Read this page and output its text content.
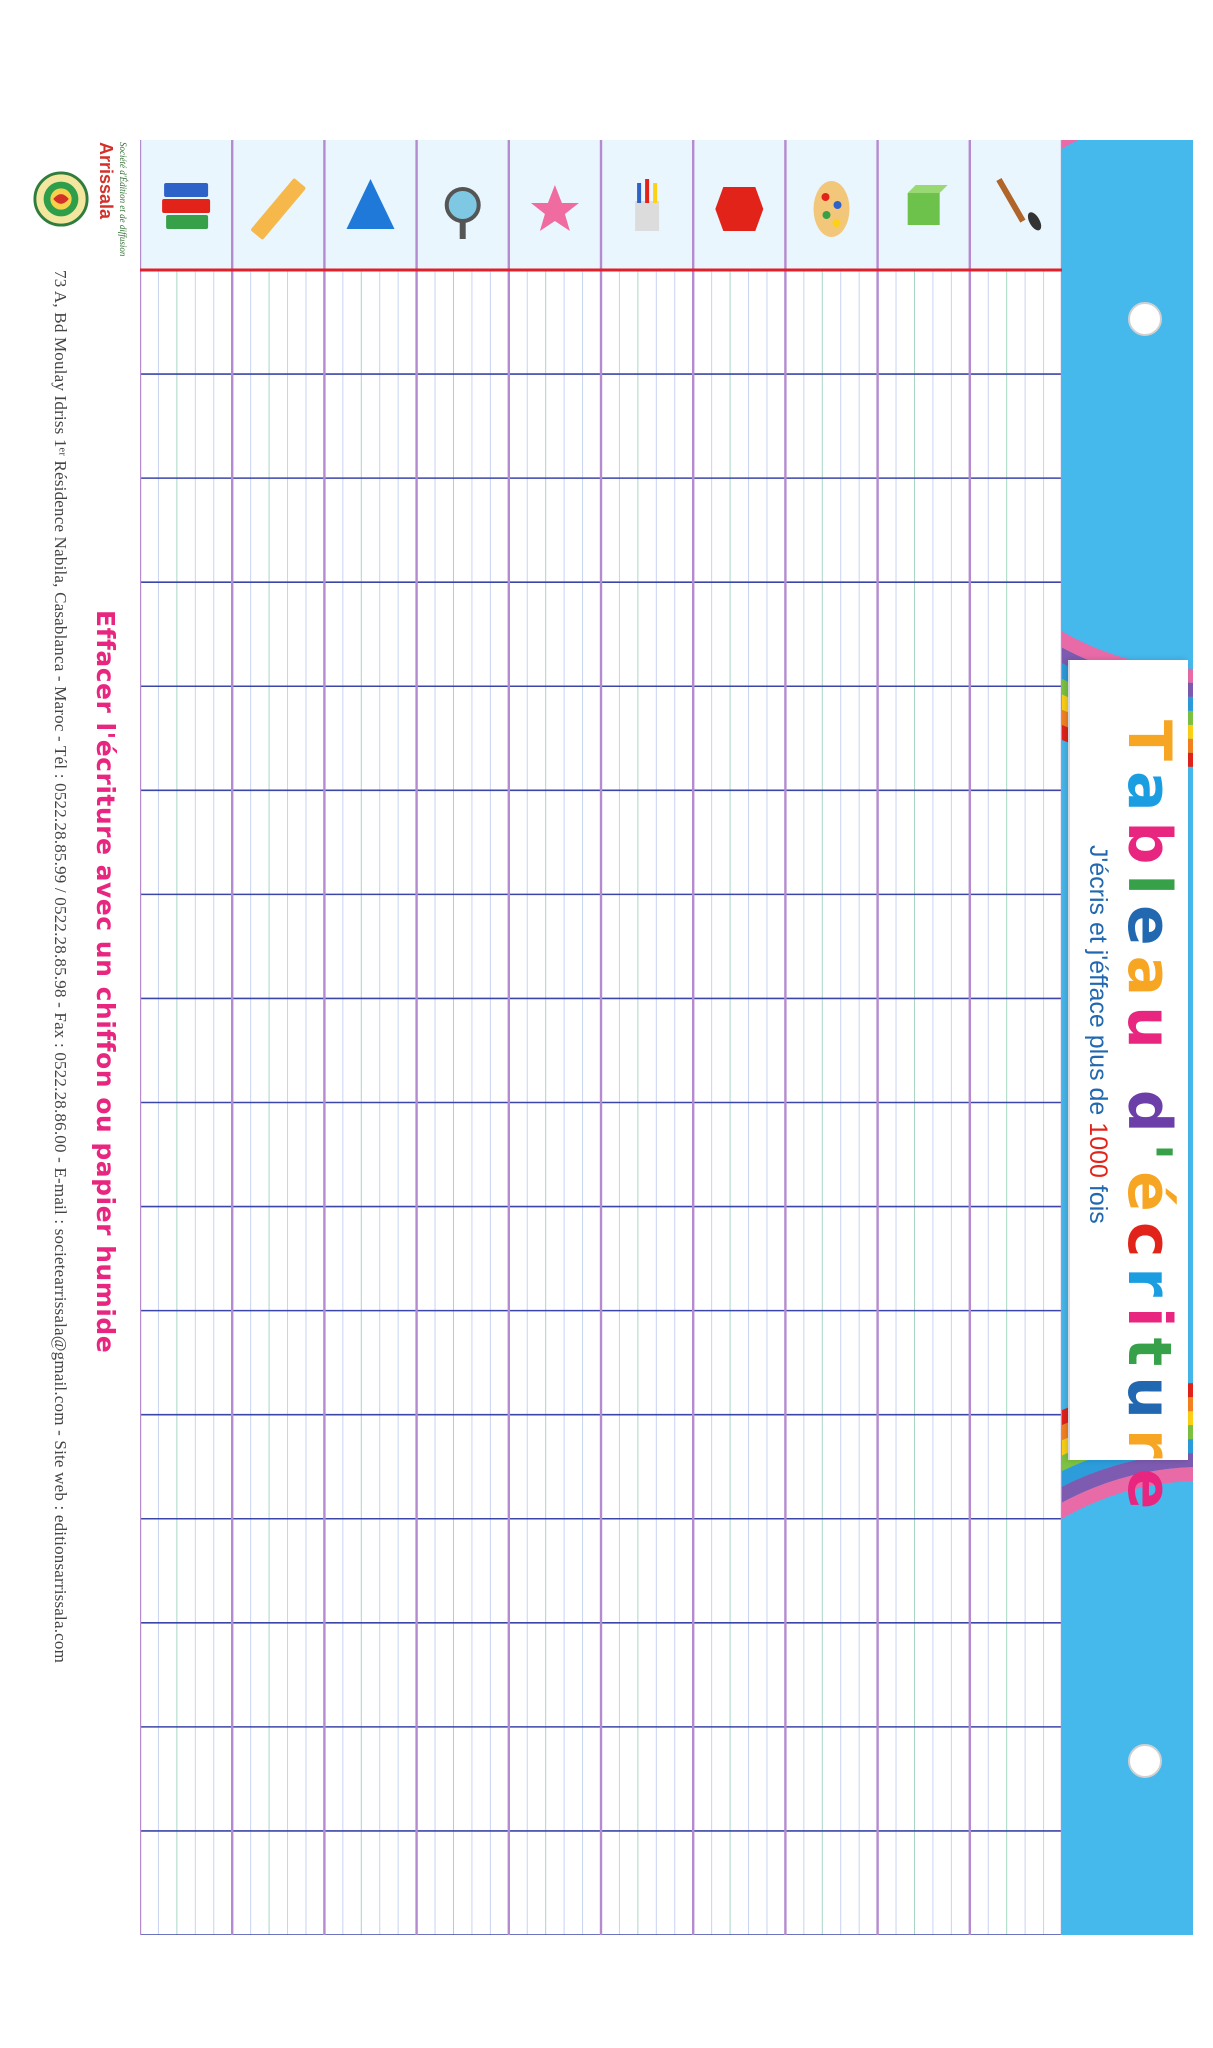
Arrissala Société d'Édition et de diffusion
73 A, Bd Moulay Idriss 1ᵉʳ Résidence Nabila, Casablanca - Maroc - Tél : 0522.28.85.99 / 0522.28.85.98 - Fax : 0522.28.86.00 - E-mail : societearrissala@gmail.com - Site web : editionsarrissala.com Effacer l'écriture avec un chiffon ou papier humide	Tableau d'écriture
J'écris et j'éfface plus de 1000 fois
